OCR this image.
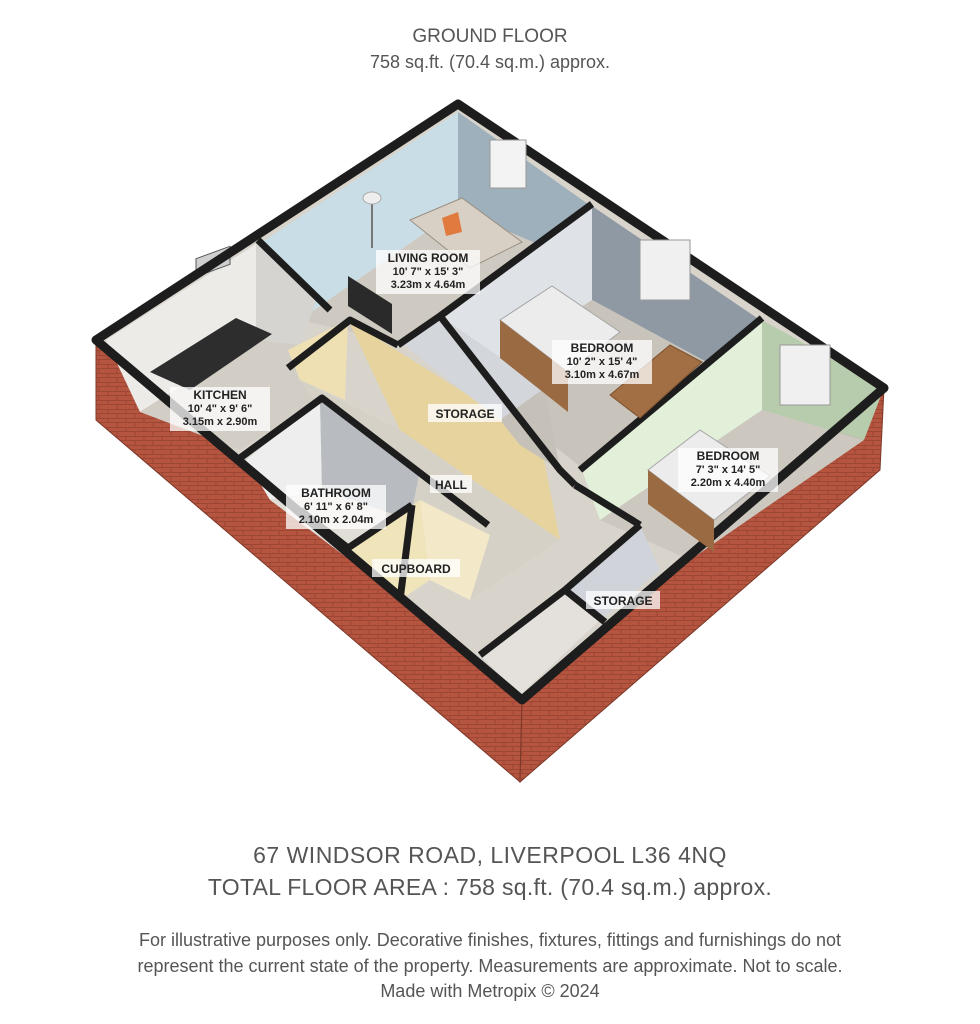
GROUND FLOOR
758 sq.ft. (70.4 sq.m.) approx.
LIVING ROOM
10' 7" x 15' 3"
3.23m x 4.64m
BEDROOM
10' 2" x 15' 4"
3.10m x 4.67m
KITCHEN
10' 4" x 9' 6"
3.15m x 2.90m
BEDROOM
7' 3" x 14' 5"
2.20m x 4.40m
BATHROOM
6' 11" x 6' 8"
2.10m x 2.04m
STORAGE
HALL
CUPBOARD
STORAGE
67 WINDSOR ROAD, LIVERPOOL L36 4NQ
TOTAL FLOOR AREA : 758 sq.ft. (70.4 sq.m.) approx.
For illustrative purposes only. Decorative finishes, fixtures, fittings and furnishings do not
represent the current state of the property. Measurements are approximate. Not to scale.
Made with Metropix © 2024
